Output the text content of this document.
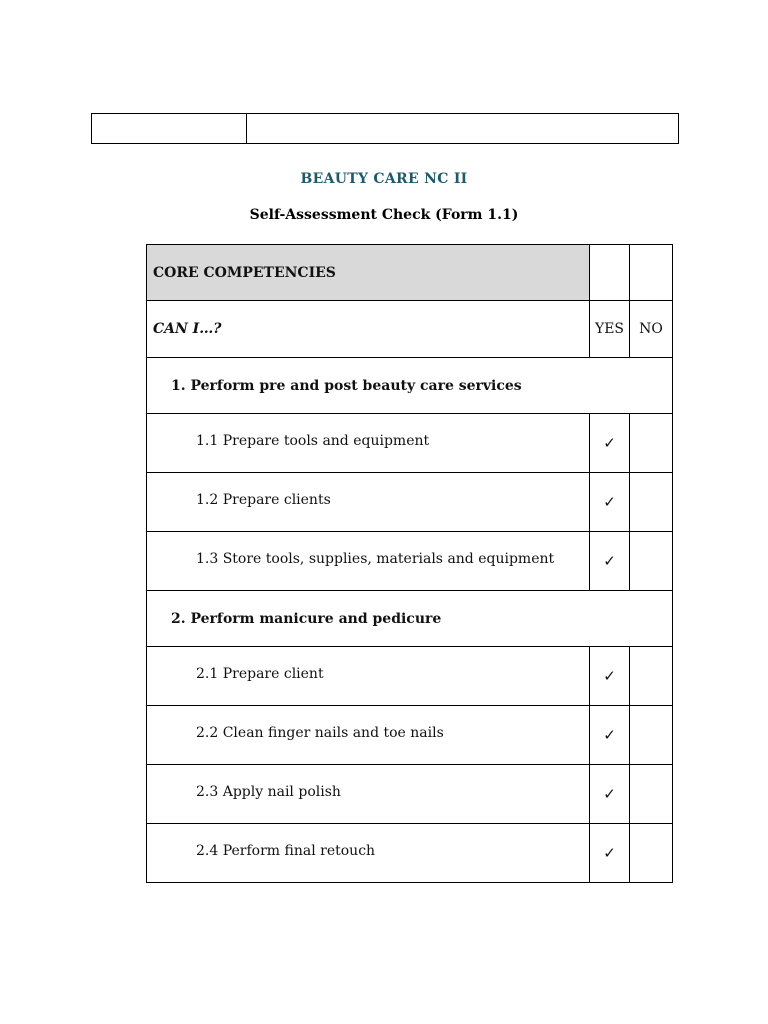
BEAUTY CARE NC II
Self-Assessment Check (Form 1.1)
CORE COMPETENCIES		
CAN I…?	YES	NO
1. Perform pre and post beauty care services		
1.1 Prepare tools and equipment	✓	
1.2 Prepare clients	✓	
1.3 Store tools, supplies, materials and equipment	✓	
2. Perform manicure and pedicure		
2.1 Prepare client	✓	
2.2 Clean finger nails and toe nails	✓	
2.3 Apply nail polish	✓	
2.4 Perform final retouch	✓	
